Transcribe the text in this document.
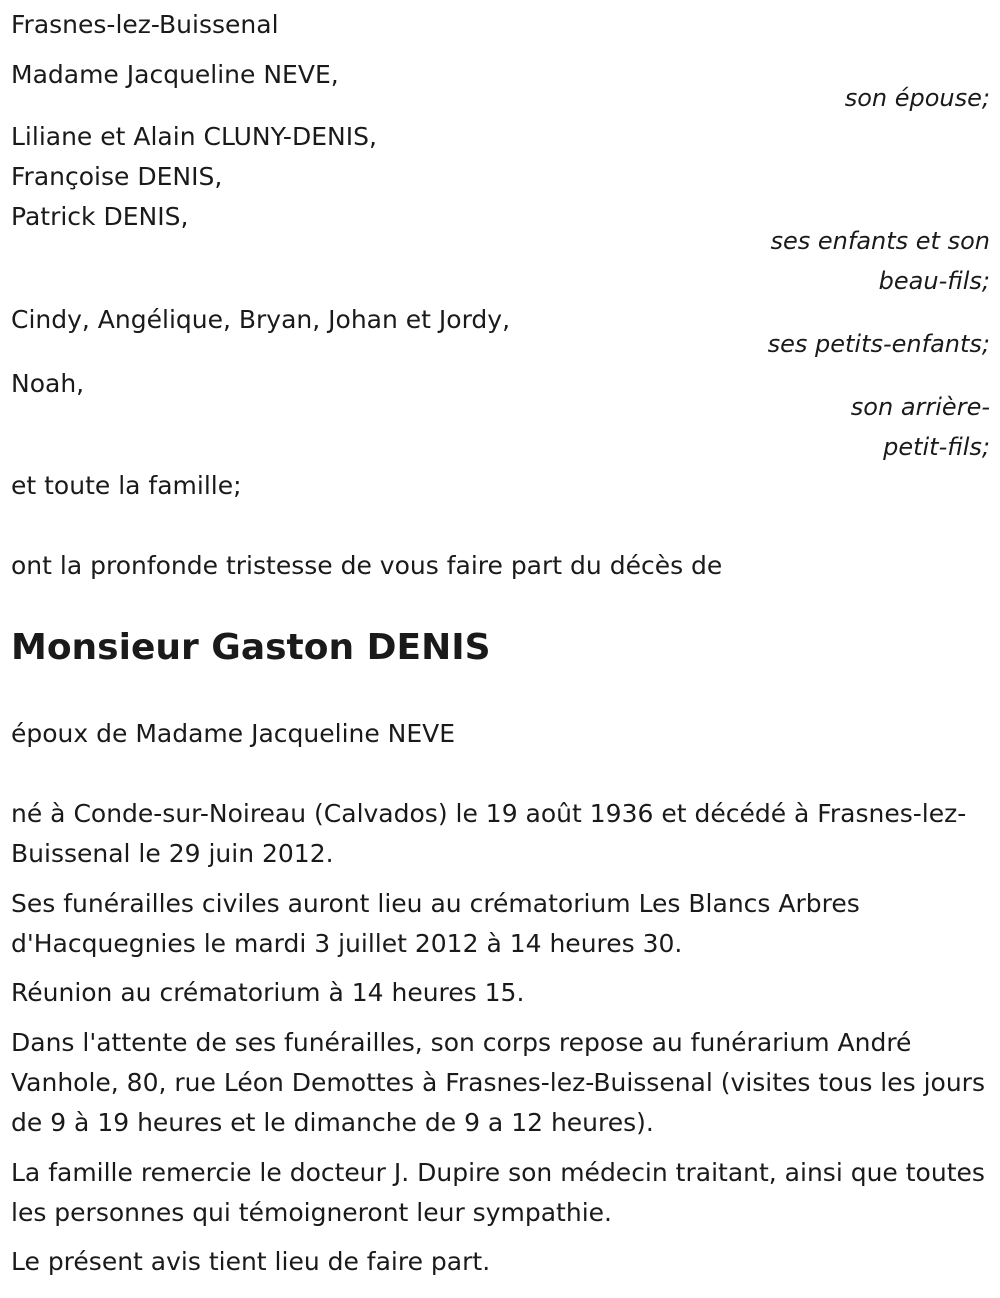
Frasnes-lez-Buissenal

Madame Jacqueline NEVE,

son épouse;

Liliane et Alain CLUNY-DENIS,

Françoise DENIS,

Patrick DENIS,

ses enfants et son

beau-fils;

Cindy, Angélique, Bryan, Johan et Jordy,

ses petits-enfants;

Noah,

son arrière-

petit-fils;

et toute la famille;

ont la pronfonde tristesse de vous faire part du décès de

Monsieur Gaston DENIS

époux de Madame Jacqueline NEVE

né à Conde-sur-Noireau (Calvados) le 19 août 1936 et décédé à Frasnes-lez-Buissenal le 29 juin 2012.

Ses funérailles civiles auront lieu au crématorium Les Blancs Arbres d'Hacquegnies le mardi 3 juillet 2012 à 14 heures 30.

Réunion au crématorium à 14 heures 15.

Dans l'attente de ses funérailles, son corps repose au funérarium André Vanhole, 80, rue Léon Demottes à Frasnes-lez-Buissenal (visites tous les jours de 9 à 19 heures et le dimanche de 9 a 12 heures).

La famille remercie le docteur J. Dupire son médecin traitant, ainsi que toutes les personnes qui témoigneront leur sympathie.

Le présent avis tient lieu de faire part.
